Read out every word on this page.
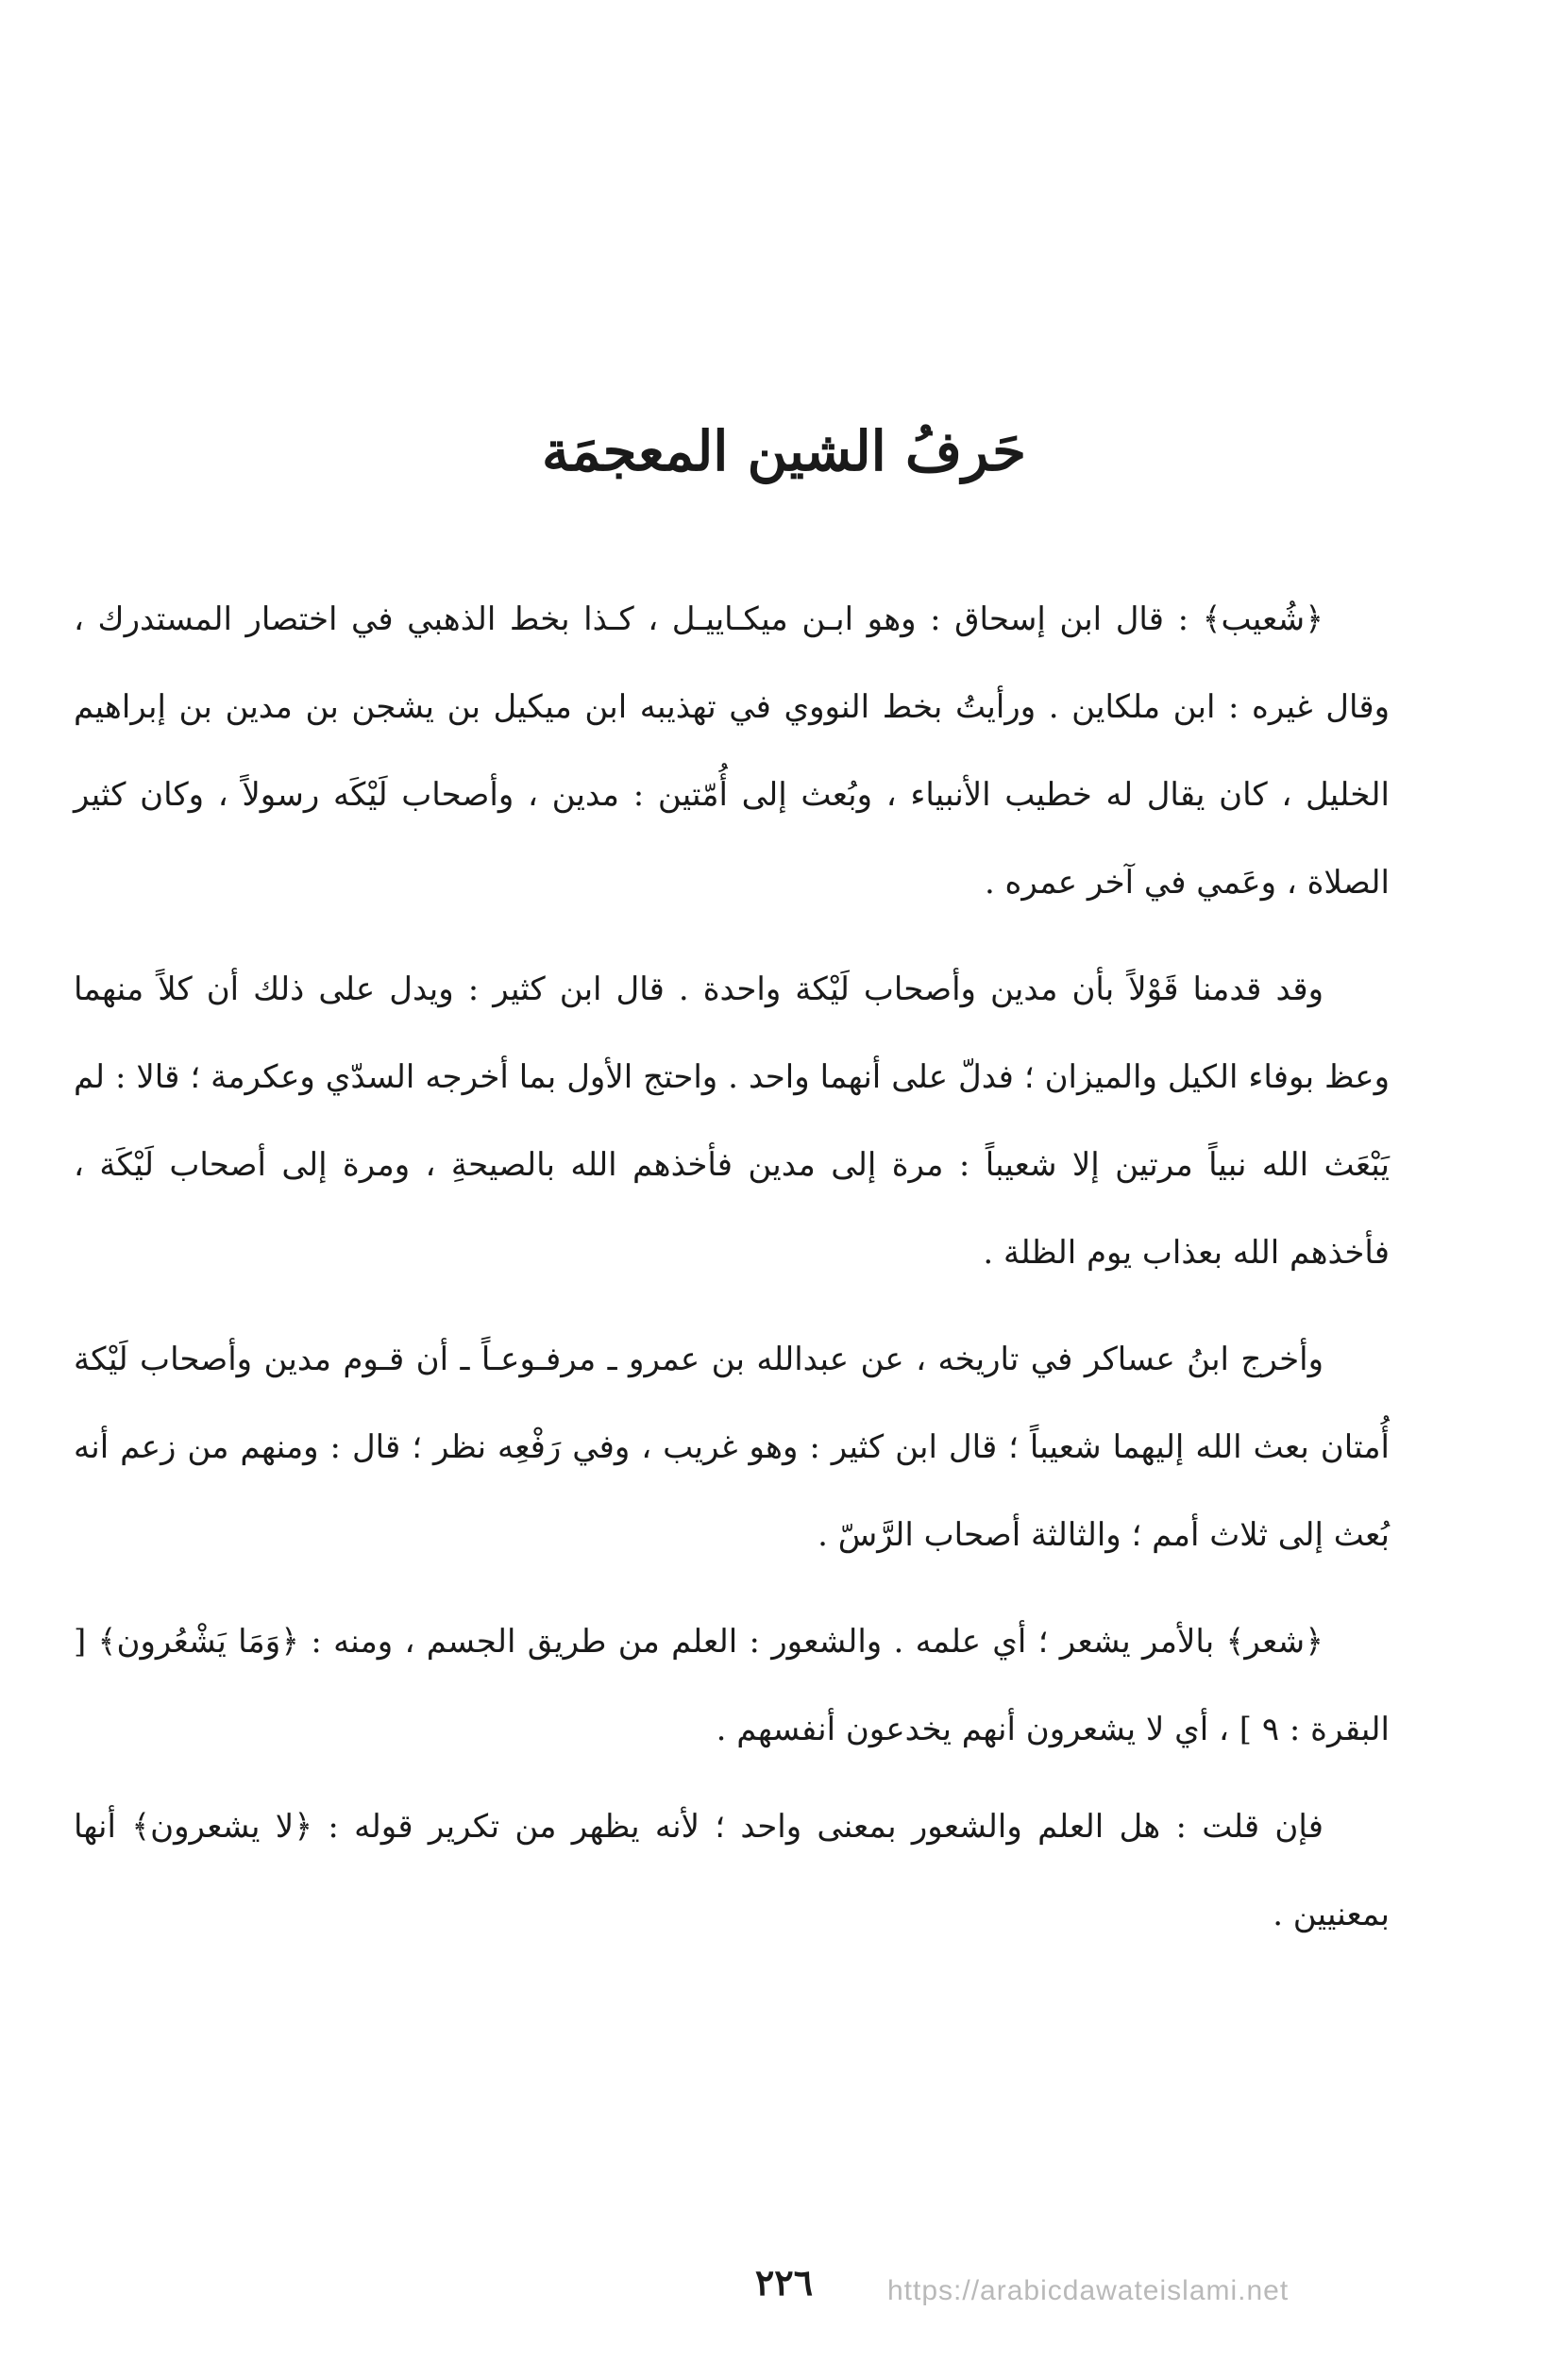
حَرفُ الشين المعجمَة

﴿شُعيب﴾ : قال ابن إسحاق : وهو ابـن ميكـاييـل ، كـذا بخط الذهبي في اختصار المستدرك ، وقال غيره : ابن ملكاين . ورأيتُ بخط النووي في تهذيبه ابن ميكيل بن يشجن بن مدين بن إبراهيم الخليل ، كان يقال له خطيب الأنبياء ، وبُعث إلى أُمّتين : مدين ، وأصحاب لَيْكَه رسولاً ، وكان كثير الصلاة ، وعَمي في آخر عمره .

وقد قدمنا قَوْلاً بأن مدين وأصحاب لَيْكة واحدة . قال ابن كثير : ويدل على ذلك أن كلاً منهما وعظ بوفاء الكيل والميزان ؛ فدلّ على أنهما واحد . واحتج الأول بما أخرجه السدّي وعكرمة ؛ قالا : لم يَبْعَث الله نبياً مرتين إلا شعيباً : مرة إلى مدين فأخذهم الله بالصيحةِ ، ومرة إلى أصحاب لَيْكَة ، فأخذهم الله بعذاب يوم الظلة .

وأخرج ابنُ عساكر في تاريخه ، عن عبدالله بن عمرو ـ مرفـوعـاً ـ أن قـوم مدين وأصحاب لَيْكة أُمتان بعث الله إليهما شعيباً ؛ قال ابن كثير : وهو غريب ، وفي رَفْعِه نظر ؛ قال : ومنهم من زعم أنه بُعث إلى ثلاث أمم ؛ والثالثة أصحاب الرَّسّ .

﴿شعر﴾ بالأمر يشعر ؛ أي علمه . والشعور : العلم من طريق الجسم ، ومنه : ﴿وَمَا يَشْعُرون﴾ [ البقرة : ٩ ] ، أي لا يشعرون أنهم يخدعون أنفسهم .

فإن قلت : هل العلم والشعور بمعنى واحد ؛ لأنه يظهر من تكرير قوله : ﴿لا يشعرون﴾ أنها بمعنيين .

٢٢٦	https://arabicdawateislami.net
